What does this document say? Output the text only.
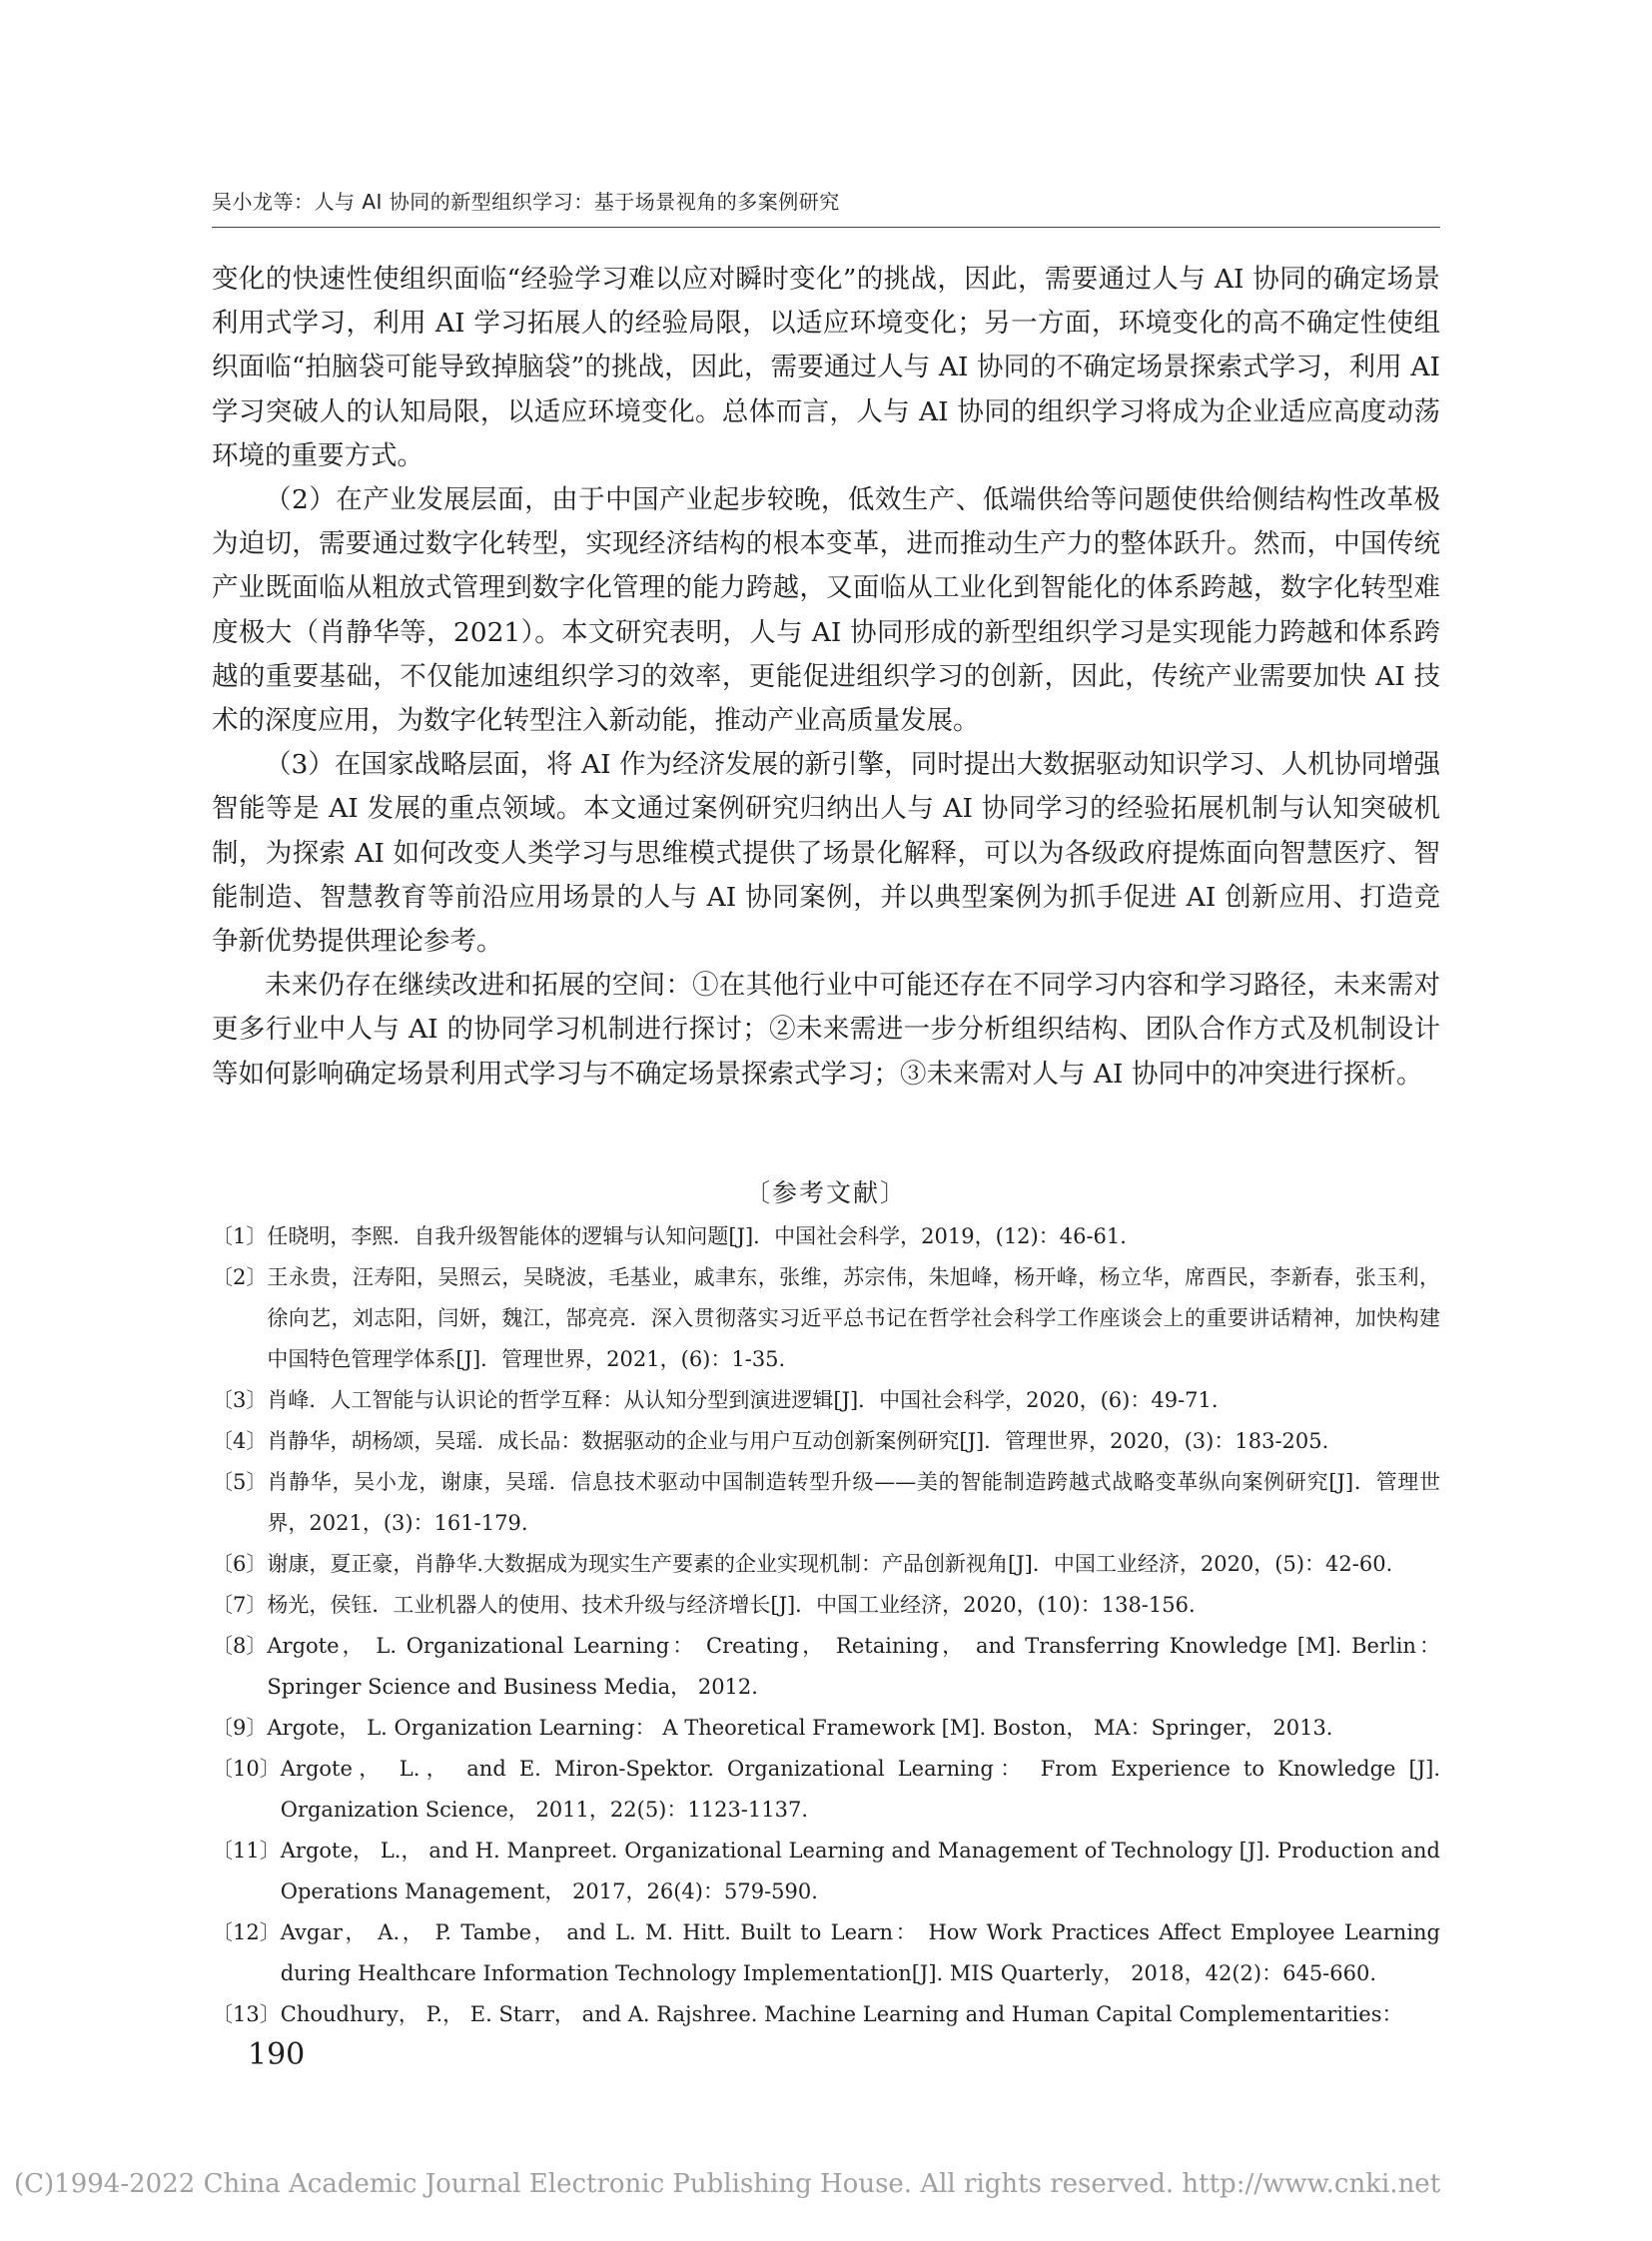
吴小龙等：人与 AI 协同的新型组织学习：基于场景视角的多案例研究

变化的快速性使组织面临“经验学习难以应对瞬时变化”的挑战，因此，需要通过人与 AI 协同的确定场景利用式学习，利用 AI 学习拓展人的经验局限，以适应环境变化；另一方面，环境变化的高不确定性使组织面临“拍脑袋可能导致掉脑袋”的挑战，因此，需要通过人与 AI 协同的不确定场景探索式学习，利用 AI 学习突破人的认知局限，以适应环境变化。总体而言，人与 AI 协同的组织学习将成为企业适应高度动荡环境的重要方式。

（2）在产业发展层面，由于中国产业起步较晚，低效生产、低端供给等问题使供给侧结构性改革极为迫切，需要通过数字化转型，实现经济结构的根本变革，进而推动生产力的整体跃升。然而，中国传统产业既面临从粗放式管理到数字化管理的能力跨越，又面临从工业化到智能化的体系跨越，数字化转型难度极大（肖静华等，2021）。本文研究表明，人与 AI 协同形成的新型组织学习是实现能力跨越和体系跨越的重要基础，不仅能加速组织学习的效率，更能促进组织学习的创新，因此，传统产业需要加快 AI 技术的深度应用，为数字化转型注入新动能，推动产业高质量发展。

（3）在国家战略层面，将 AI 作为经济发展的新引擎，同时提出大数据驱动知识学习、人机协同增强智能等是 AI 发展的重点领域。本文通过案例研究归纳出人与 AI 协同学习的经验拓展机制与认知突破机制，为探索 AI 如何改变人类学习与思维模式提供了场景化解释，可以为各级政府提炼面向智慧医疗、智能制造、智慧教育等前沿应用场景的人与 AI 协同案例，并以典型案例为抓手促进 AI 创新应用、打造竞争新优势提供理论参考。

未来仍存在继续改进和拓展的空间：①在其他行业中可能还存在不同学习内容和学习路径，未来需对更多行业中人与 AI 的协同学习机制进行探讨；②未来需进一步分析组织结构、团队合作方式及机制设计等如何影响确定场景利用式学习与不确定场景探索式学习；③未来需对人与 AI 协同中的冲突进行探析。

〔参考文献〕
〔1〕 任晓明，李熙．自我升级智能体的逻辑与认知问题[J]．中国社会科学，2019，(12)：46-61.
〔2〕 王永贵，汪寿阳，吴照云，吴晓波，毛基业，戚聿东，张维，苏宗伟，朱旭峰，杨开峰，杨立华，席酉民，李新春，张玉利，徐向艺，刘志阳，闫妍，魏江，郜亮亮．深入贯彻落实习近平总书记在哲学社会科学工作座谈会上的重要讲话精神，加快构建中国特色管理学体系[J]．管理世界，2021，(6)：1-35.
〔3〕 肖峰．人工智能与认识论的哲学互释：从认知分型到演进逻辑[J]．中国社会科学，2020，(6)：49-71.
〔4〕 肖静华，胡杨颂，吴瑶．成长品：数据驱动的企业与用户互动创新案例研究[J]．管理世界，2020，(3)：183-205.
〔5〕 肖静华，吴小龙，谢康，吴瑶．信息技术驱动中国制造转型升级——美的智能制造跨越式战略变革纵向案例研究[J]．管理世界，2021，(3)：161-179.
〔6〕 谢康，夏正豪，肖静华.大数据成为现实生产要素的企业实现机制：产品创新视角[J]．中国工业经济，2020，(5)：42-60.
〔7〕 杨光，侯钰．工业机器人的使用、技术升级与经济增长[J]．中国工业经济，2020，(10)：138-156.
〔8〕 Argote， L. Organizational Learning： Creating， Retaining， and Transferring Knowledge [M]. Berlin：Springer Science and Business Media， 2012.
〔9〕 Argote， L. Organization Learning： A Theoretical Framework [M]. Boston， MA：Springer， 2013.
〔10〕 Argote， L.， and E. Miron-Spektor. Organizational Learning： From Experience to Knowledge [J]. Organization Science， 2011，22(5)：1123-1137.
〔11〕 Argote， L.， and H. Manpreet. Organizational Learning and Management of Technology [J]. Production and Operations Management， 2017，26(4)：579-590.
〔12〕 Avgar， A.， P. Tambe， and L. M. Hitt. Built to Learn： How Work Practices Affect Employee Learning during Healthcare Information Technology Implementation[J]. MIS Quarterly， 2018，42(2)：645-660.
〔13〕 Choudhury， P.， E. Starr， and A. Rajshree. Machine Learning and Human Capital Complementarities：
190
(C)1994-2022 China Academic Journal Electronic Publishing House. All rights reserved. http://www.cnki.net
